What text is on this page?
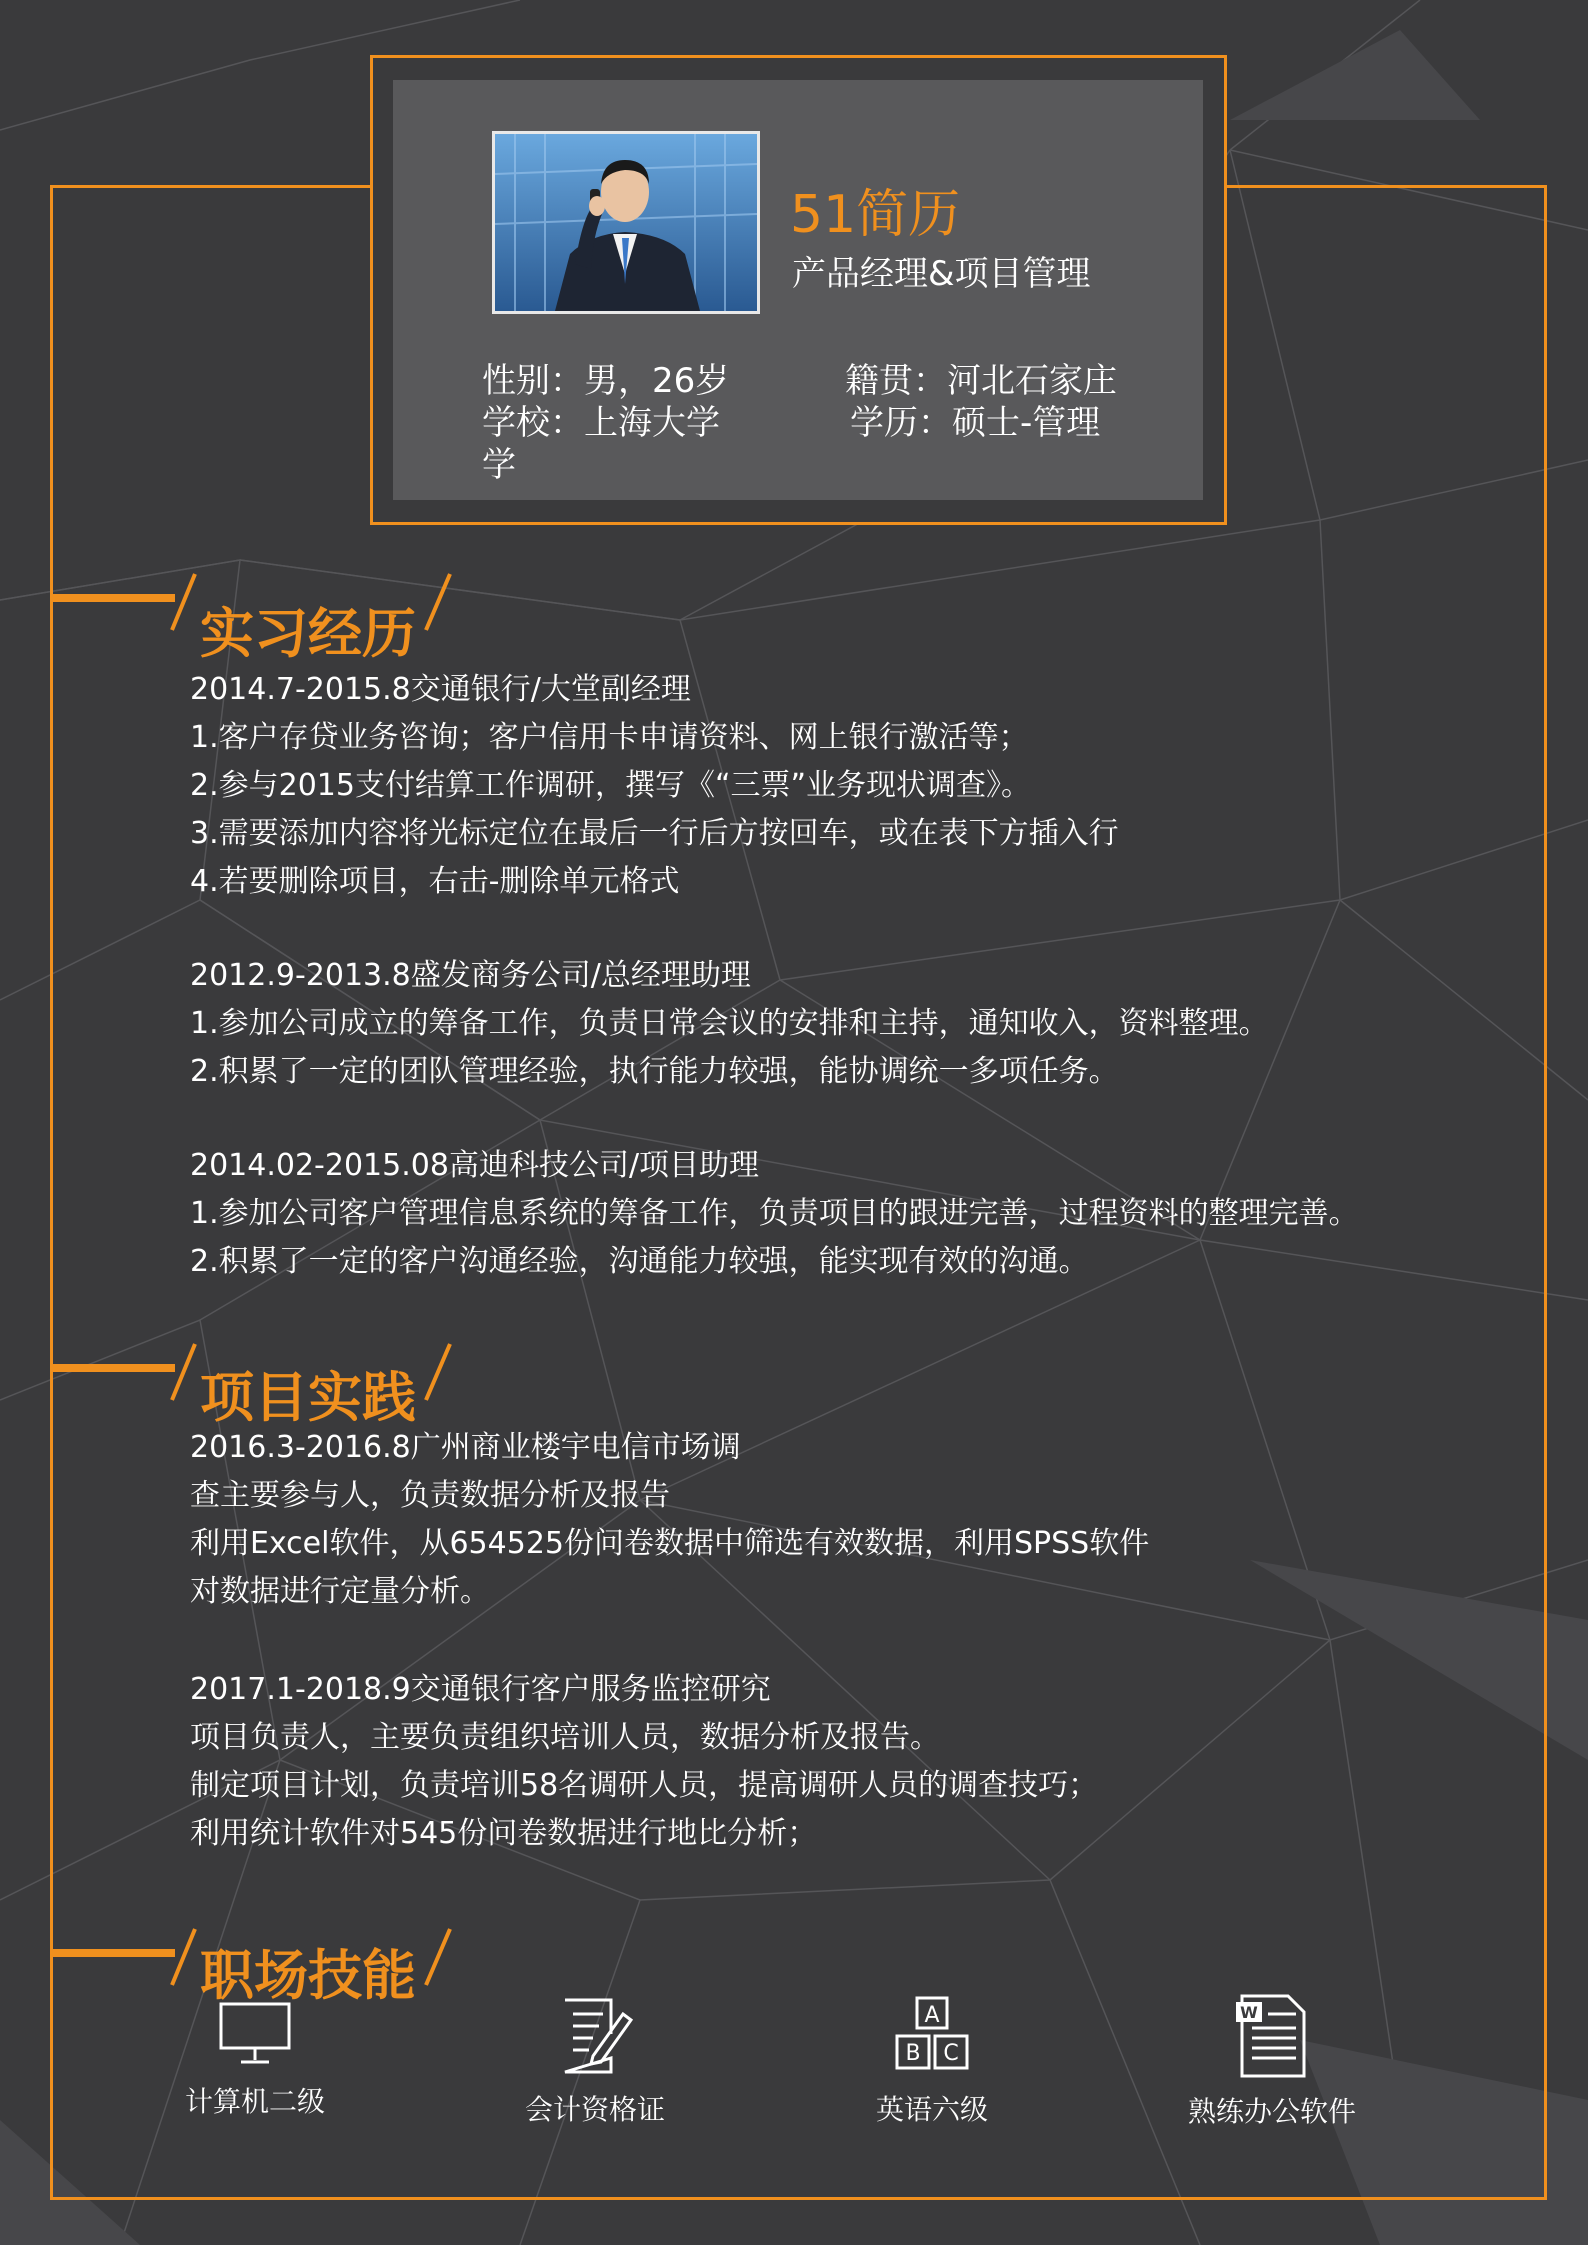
51简历
产品经理&项目管理
性别：男，26岁
学校：上海大学学
籍贯：河北石家庄
学历：硕士-管理
实习经历
2014.7-2015.8交通银行/大堂副经理
1.客户存贷业务咨询；客户信用卡申请资料、网上银行激活等；
2.参与2015支付结算工作调研，撰写《“三票”业务现状调查》。
3.需要添加内容将光标定位在最后一行后方按回车，或在表下方插入行
4.若要删除项目，右击-删除单元格式
2012.9-2013.8盛发商务公司/总经理助理
1.参加公司成立的筹备工作，负责日常会议的安排和主持，通知收入，资料整理。
2.积累了一定的团队管理经验，执行能力较强，能协调统一多项任务。
2014.02-2015.08高迪科技公司/项目助理
1.参加公司客户管理信息系统的筹备工作，负责项目的跟进完善，过程资料的整理完善。
2.积累了一定的客户沟通经验，沟通能力较强，能实现有效的沟通。
项目实践
2016.3-2016.8广州商业楼宇电信市场调
查主要参与人，负责数据分析及报告
利用Excel软件，从654525份问卷数据中筛选有效数据，利用SPSS软件
对数据进行定量分析。
2017.1-2018.9交通银行客户服务监控研究
项目负责人，主要负责组织培训人员，数据分析及报告。
制定项目计划，负责培训58名调研人员，提高调研人员的调查技巧；
利用统计软件对545份问卷数据进行地比分析；
职场技能
计算机二级	会计资格证
A
B C
英语六级
W
熟练办公软件
